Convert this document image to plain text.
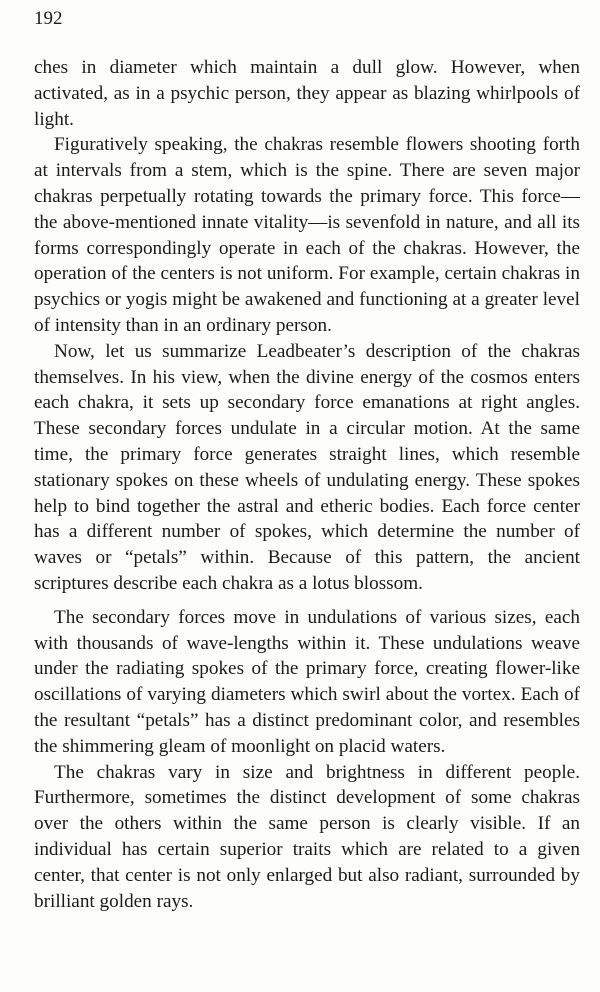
192

ches in diameter which maintain a dull glow. However, when activated, as in a psychic person, they appear as blazing whirlpools of light.

Figuratively speaking, the chakras resemble flowers shooting forth at intervals from a stem, which is the spine. There are seven major chakras perpetually rotating towards the primary force. This force—the above-mentioned innate vitality—is sevenfold in nature, and all its forms correspondingly operate in each of the chakras. However, the operation of the centers is not uniform. For example, certain chakras in psychics or yogis might be awakened and functioning at a greater level of intensity than in an ordinary person.

Now, let us summarize Leadbeater’s description of the chakras themselves. In his view, when the divine energy of the cosmos enters each chakra, it sets up secondary force emanations at right angles. These secondary forces undulate in a circular motion. At the same time, the primary force generates straight lines, which resemble stationary spokes on these wheels of undulating energy. These spokes help to bind together the astral and etheric bodies. Each force center has a different number of spokes, which determine the number of waves or “petals” within. Because of this pattern, the ancient scriptures describe each chakra as a lotus blossom.

The secondary forces move in undulations of various sizes, each with thousands of wave-lengths within it. These undulations weave under the radiating spokes of the primary force, creating flower-like oscillations of varying diameters which swirl about the vortex. Each of the resultant “petals” has a distinct predominant color, and resembles the shimmering gleam of moonlight on placid waters.

The chakras vary in size and brightness in different people. Furthermore, sometimes the distinct development of some chakras over the others within the same person is clearly visible. If an individual has certain superior traits which are related to a given center, that center is not only enlarged but also radiant, surrounded by brilliant golden rays.
